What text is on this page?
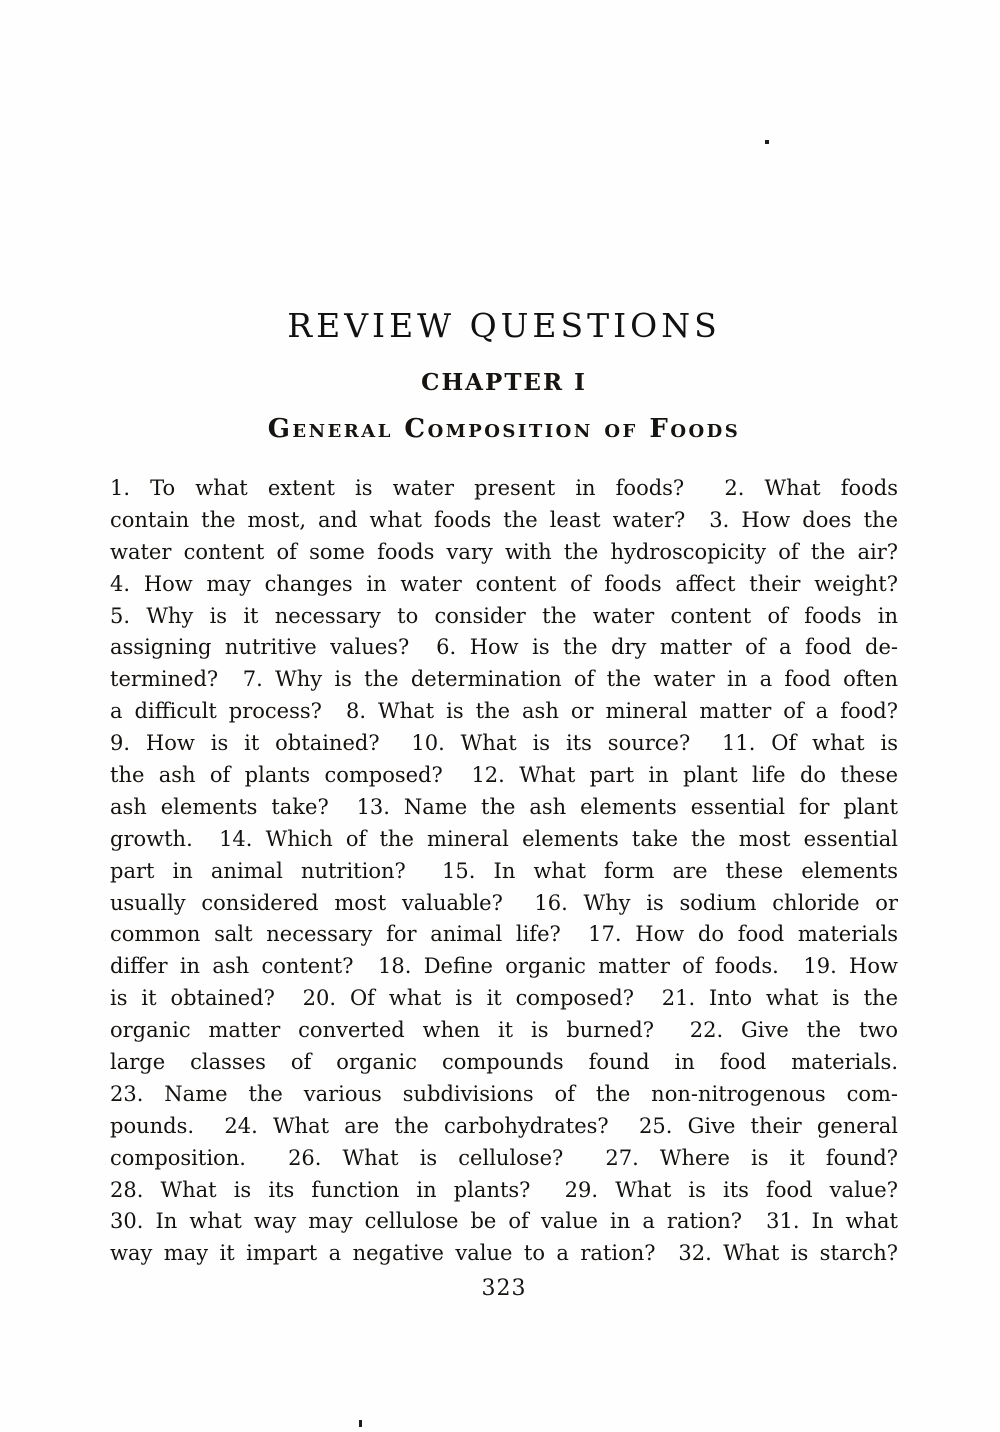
REVIEW QUESTIONS
CHAPTER I
General Composition of Foods
1. To what extent is water present in foods?  2. What foods
contain the most, and what foods the least water?  3. How does the
water content of some foods vary with the hydroscopicity of the air?
4. How may changes in water content of foods affect their weight?
5. Why is it necessary to consider the water content of foods in
assigning nutritive values?  6. How is the dry matter of a food de-
termined?  7. Why is the determination of the water in a food often
a difficult process?  8. What is the ash or mineral matter of a food?
9. How is it obtained?  10. What is its source?  11. Of what is
the ash of plants composed?  12. What part in plant life do these
ash elements take?  13. Name the ash elements essential for plant
growth.  14. Which of the mineral elements take the most essential
part in animal nutrition?  15. In what form are these elements
usually considered most valuable?  16. Why is sodium chloride or
common salt necessary for animal life?  17. How do food materials
differ in ash content?  18. Define organic matter of foods.  19. How
is it obtained?  20. Of what is it composed?  21. Into what is the
organic matter converted when it is burned?  22. Give the two
large classes of organic compounds found in food materials.
23. Name the various subdivisions of the non-nitrogenous com-
pounds.  24. What are the carbohydrates?  25. Give their general
composition.  26. What is cellulose?  27. Where is it found?
28. What is its function in plants?  29. What is its food value?
30. In what way may cellulose be of value in a ration?  31. In what
way may it impart a negative value to a ration?  32. What is starch?
323
